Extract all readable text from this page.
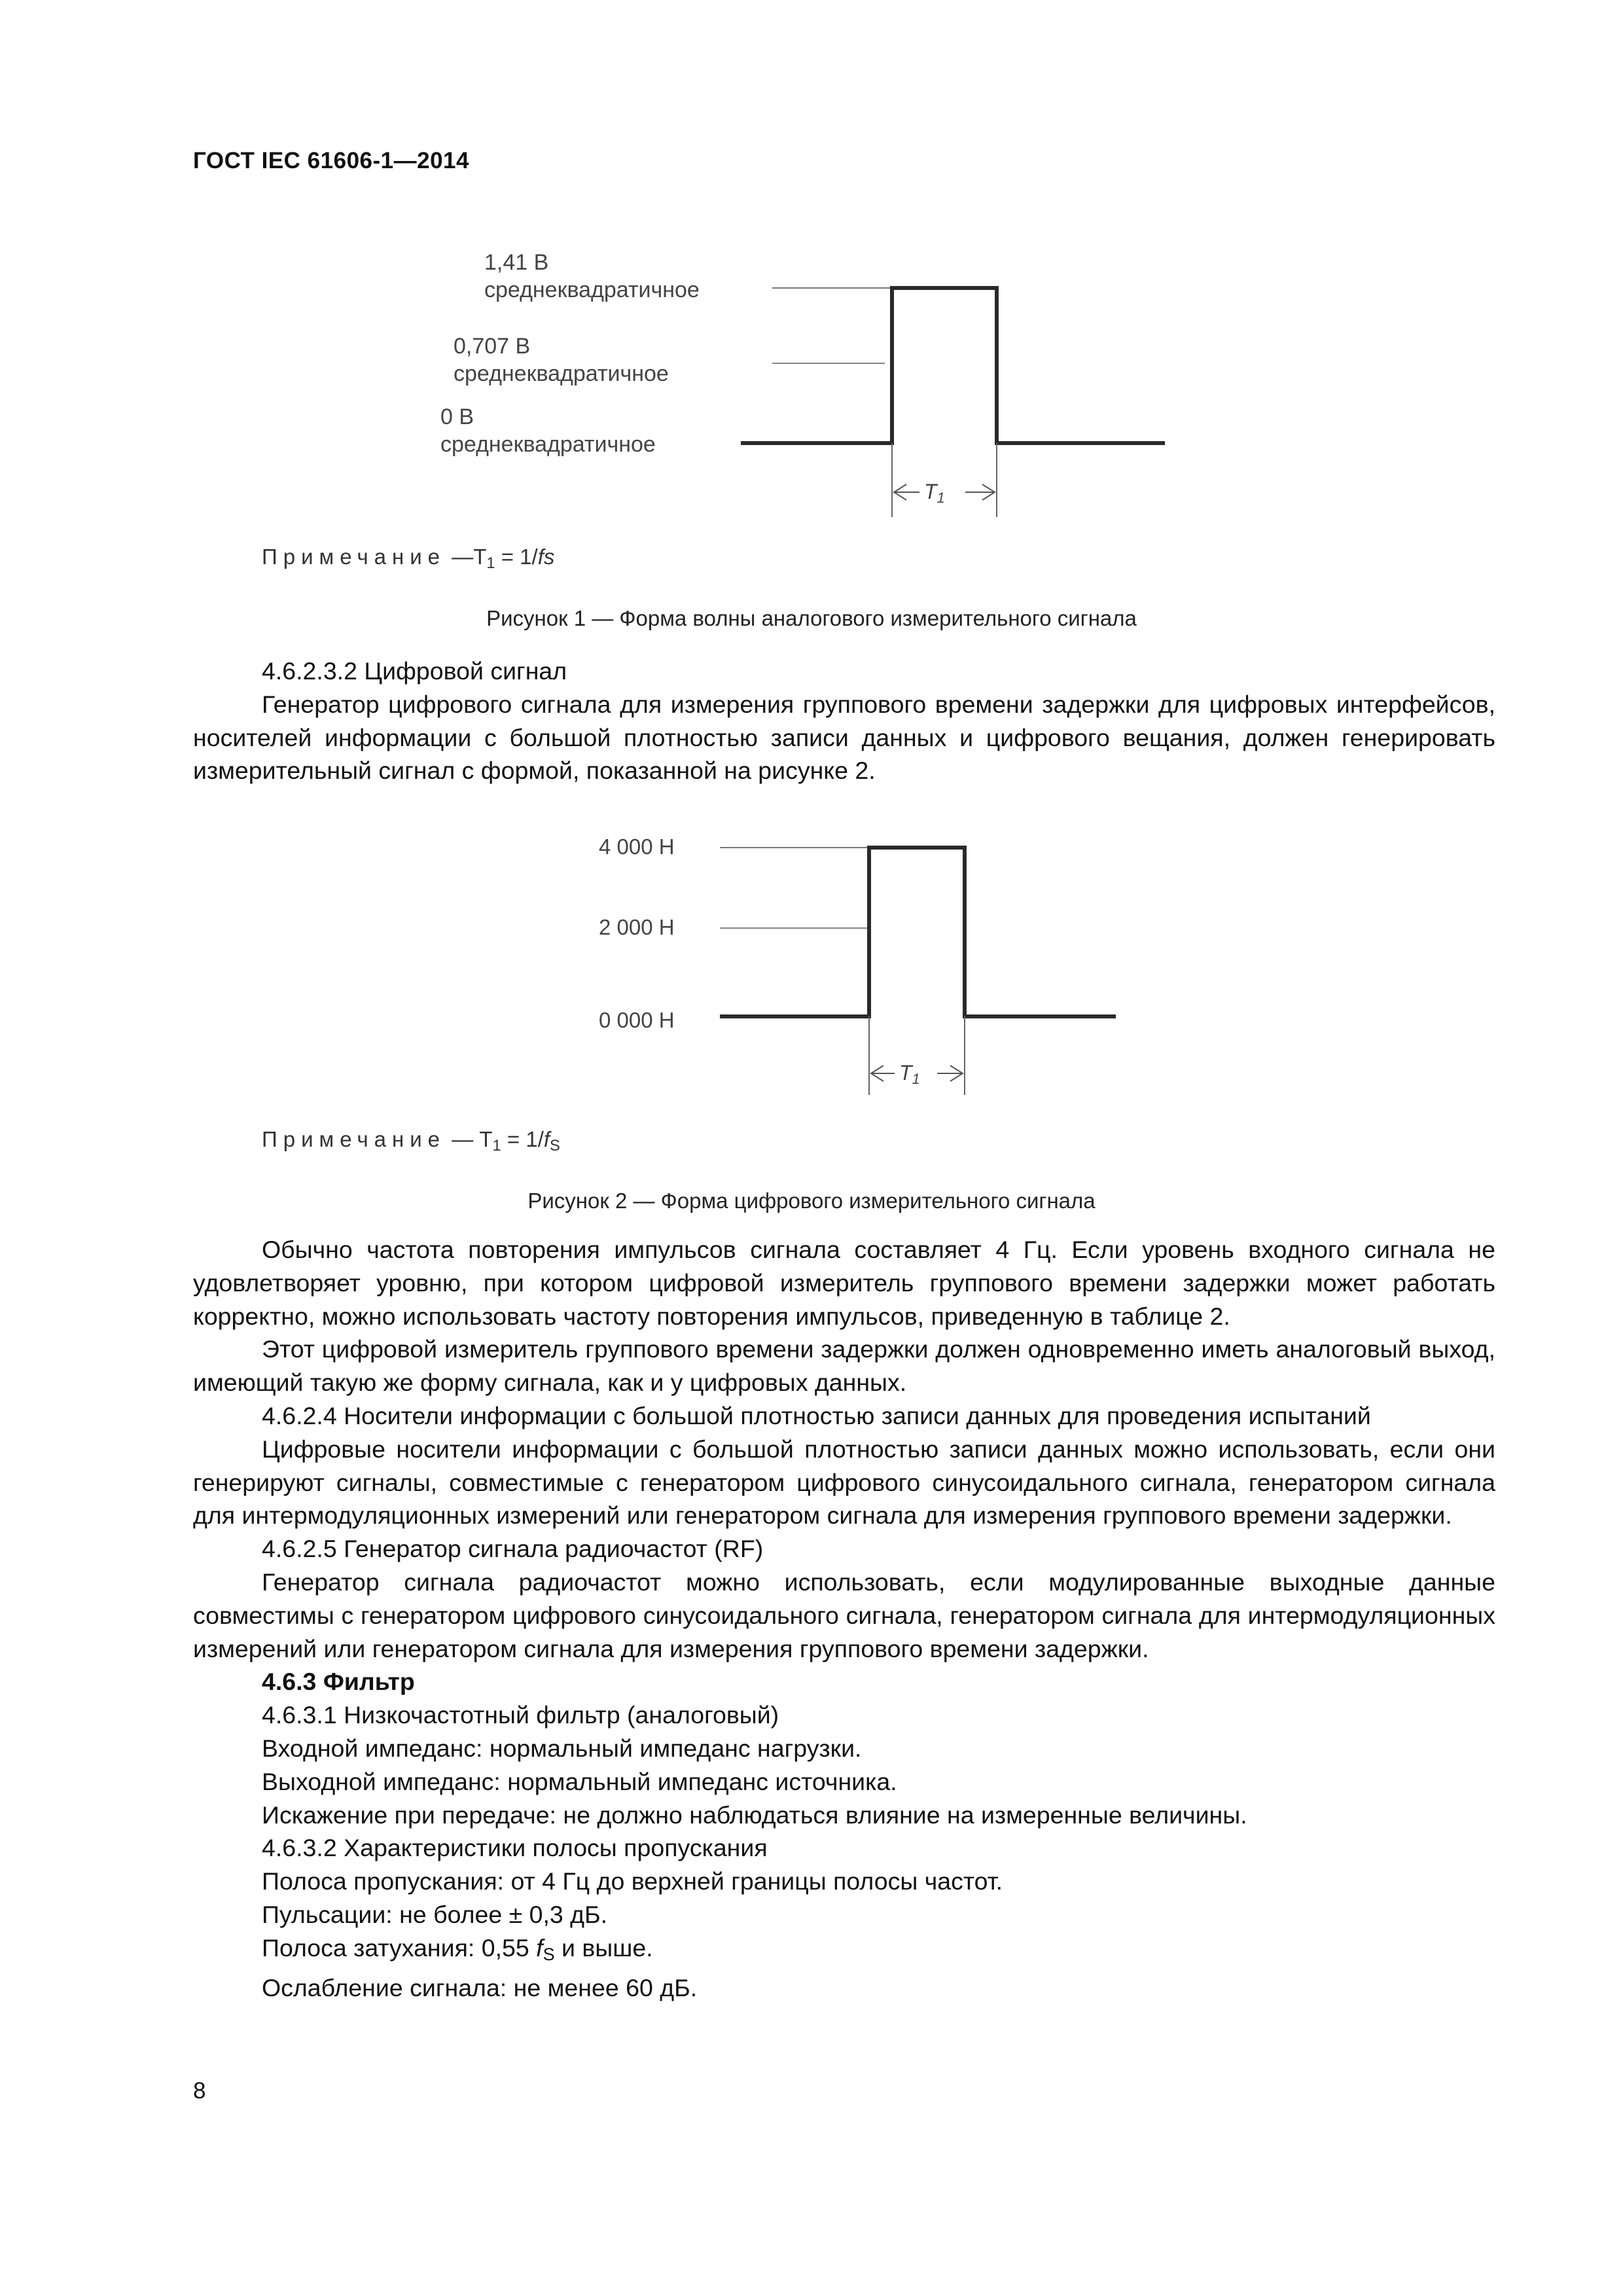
ГОСТ IEC 61606-1—2014
1,41 В
среднеквадратичное
0,707 В
среднеквадратичное
0 В
среднеквадратичное
T1
Примечание $—T_1 = 1/fs$
Рисунок 1 — Форма волны аналогового измерительного сигнала

4.6.2.3.2 Цифровой сигнал

Генератор цифрового сигнала для измерения группового времени задержки для цифровых интерфейсов, носителей информации с большой плотностью записи данных и цифрового вещания, должен генерировать измерительный сигнал с формой, показанной на рисунке 2.

4 000 Н
2 000 Н
0 000 Н
T1
Примечание — $T_1 = 1/f_S$
Рисунок 2 — Форма цифрового измерительного сигнала

Обычно частота повторения импульсов сигнала составляет 4 Гц. Если уровень входного сигнала не удовлетворяет уровню, при котором цифровой измеритель группового времени задержки может работать корректно, можно использовать частоту повторения импульсов, приведенную в таблице 2.

Этот цифровой измеритель группового времени задержки должен одновременно иметь аналоговый выход, имеющий такую же форму сигнала, как и у цифровых данных.

4.6.2.4 Носители информации с большой плотностью записи данных для проведения испытаний

Цифровые носители информации с большой плотностью записи данных можно использовать, если они генерируют сигналы, совместимые с генератором цифрового синусоидального сигнала, генератором сигнала для интермодуляционных измерений или генератором сигнала для измерения группового времени задержки.

4.6.2.5 Генератор сигнала радиочастот (RF)

Генератор сигнала радиочастот можно использовать, если модулированные выходные данные совместимы с генератором цифрового синусоидального сигнала, генератором сигнала для интермодуляционных измерений или генератором сигнала для измерения группового времени задержки.

4.6.3 Фильтр

4.6.3.1 Низкочастотный фильтр (аналоговый)

Входной импеданс: нормальный импеданс нагрузки.

Выходной импеданс: нормальный импеданс источника.

Искажение при передаче: не должно наблюдаться влияние на измеренные величины.

4.6.3.2 Характеристики полосы пропускания

Полоса пропускания: от 4 Гц до верхней границы полосы частот.

Пульсации: не более ± 0,3 дБ.

Полоса затухания: 0,55 $f_S$ и выше.

Ослабление сигнала: не менее 60 дБ.

8
